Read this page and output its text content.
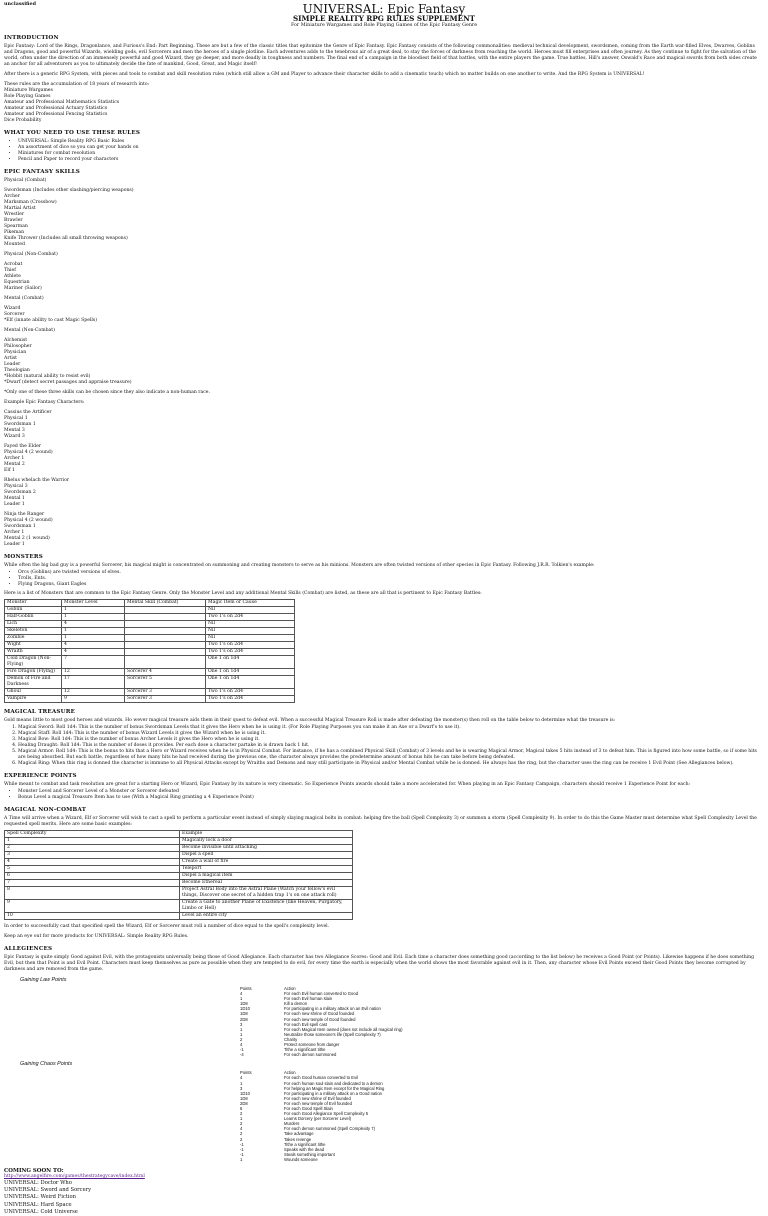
unclassified	UNIVERSAL: Epic Fantasy
SIMPLE REALITY RPG RULES SUPPLEMENT
For Miniature Wargames and Role Playing Games of the Epic Fantasy Genre
INTRODUCTION

Epic Fantasy: Lord of the Rings, Dragonlance, and Furious's End: Part Beginning. These are but a few of the classic titles that epitomize the Genre of Epic Fantasy. Epic Fantasy consists of the following commonalities: medieval technical development, swordsmen, coming from the Earth war-filled Elves, Dwarves, Goblins and Dragons, good and powerful Wizards, wielding gods, evil Sorcerers and men the heroes of a single plotline. Each adventures adds to the tenebrous air of a great deal, to stay the forces of darkness from reaching the world. Heroes must fill enterprises and often journey. As they continue to fight for the salvation of the world, often under the direction of an immensely powerful and good Wizard, they go deeper, and more deadly in toughness and numbers. The final end of a campaign in the bloodiest field of that battles, with the entire players the game. True battles, Hill's answer, Oswald's Race and magical swords from both sides create an anchor for all adventurers as you to ultimately decide the fate of mankind, Good, Great, and Magic itself!

After there is a generic RPG System, with pieces and tools to combat and skill resolution rules (which still allow a GM and Player to advance their character skills to add a cinematic touch) which no matter builds on one another to write. And the RPG System is UNIVERSAL!

These rules are the accumulation of 18 years of research into:
Miniature Wargames
Role Playing Games
Amateur and Professional Mathematics Statistics
Amateur and Professional Actuary Statistics
Amateur and Professional Fencing Statistics
Dice Probability
WHAT YOU NEED TO USE THESE RULES
• UNIVERSAL: Simple Reality RPG Basic Rules
• An assortment of dice so you can get your hands on
• Miniatures for combat resolution
• Pencil and Paper to record your characters
EPIC FANTASY SKILLS

Physical (Combat)

Swordsman (Includes other slashing/piercing weapons)
Archer
Marksman (Crossbow)
Martial Artist
Wrestler
Brawler
Spearman
Pikeman
Knife Thrower (Includes all small throwing weapons)
Mounted

Physical (Non-Combat)

Acrobat
Thief
Athlete
Equestrian
Mariner (Sailor)

Mental (Combat)

Wizard
Sorcerer
*Elf (innate ability to cast Magic Spells)

Mental (Non-Combat)

Alchemist
Philosopher
Physician
Artist
Leader
Theologian
*Hobbit (natural ability to resist evil)
*Dwarf (detect secret passages and appraise treasure)

*Only one of these three skills can be chosen since they also indicate a non-human race.

Example Epic Fantasy Characters:

Cassius the Artificer
Physical 1
Swordsman 1
Mental 3
Wizard 3
Fayed the Elder
Physical 4 (2 wound)
Archer 1
Mental 2
Elf 1
Rhelus whelach the Warrior
Physical 3
Swordsman 2
Mental 1
Leader 1
Ninja the Ranger
Physical 4 (2 wound)
Swordsman 1
Archer 1
Mental 2 (1 wound)
Leader 1
MONSTERS

While often the big bad guy is a powerful Sorcerer, his magical might is concentrated on summoning and creating monsters to serve as his minions. Monsters are often twisted versions of other species in Epic Fantasy. Following J.R.R. Tolkien's example:

• Orcs (Goblins) are twisted versions of elves.
• Trolls, Ents.
• Flying Dragons, Giant Eagles

Here is a list of Monsters that are common to the Epic Fantasy Genre. Only the Monster Level and any additional Mental Skills (Combat) are listed, as these are all that is pertinent to Epic Fantasy Battles:

Monster	Monster Level	Mental Skill (Combat)	Magic Item or Cause
Goblin	1		Nil
Half-Goblin	1		Two 1's on 2d4
Lich	4		Nil
Skeleton	1		Nil
Zombie	1		Nil
Wight	4		Two 1's on 2d4
Wraith	4		Two 1's on 2d4
Cold Dragon (Non-Flying)	7		One 1 on 1d4
Fire Dragon (Flying)	12	Sorcerer 4	One 1 on 1d4
Demon of Fire and Darkness	17	Sorcerer 5	One 1 on 1d4
Ghoul	12	Sorcerer 3	Two 1's on 2d4
Vampire	9	Sorcerer 3	Two 1's on 2d4
MAGICAL TREASURE

Gold means little to most good heroes and wizards. Ho wever magical treasure aids them in their quest to defeat evil. When a successful Magical Treasure Roll is made after defeating the monster(s) then roll on the table below to determine what the treasure is:

1. Magical Sword: Roll 1d4: This is the number of bonus Swordsman Levels that it gives the Hero when he is using it. (For Role Playing Purposes you can make it an Axe or a Dwarf's to use it).
2. Magical Staff: Roll 1d4: This is the number of bonus Wizard Levels it gives the Wizard when he is using it.
3. Magical Bow: Roll 1d4: This is the number of bonus Archer Levels it gives the Hero when he is using it.
4. Healing Draught: Roll 1d4: This is the number of doses it provides. Per each dose a character partake in is drawn back 1 hit.
5. Magical Armor: Roll 1d4: This is the bonus to hits that a Hero or Wizard receives when he is in Physical Combat. For instance, if he has a combined Physical Skill (Combat) of 3 levels and he is wearing Magical Armor, Magical takes 5 hits instead of 3 to defeat him. This is figured into how some battle, so if some hits are being absorbed. But each battle, regardless of how many hits he had received during the previous one, the character always provides the predetermine amount of bonus hits he can take before being defeated.
6. Magical Ring: When this ring is donned the character is immune to all Physical Attacks except by Wraiths and Demons and may still participate in Physical and/or Mental Combat while he is donned. He always has the ring, but the character uses the ring can be receive 1 Evil Point (See Allegiances below).
EXPERIENCE POINTS

While meant to combat and task resolution are great for a starting Hero or Wizard, Epic Fantasy by its nature is very cinematic. So Experience Points awards should take a more accelerated for. When playing in an Epic Fantasy Campaign, characters should receive 1 Experience Point for each:

• Monster Level and Sorcerer Level of a Monster or Sorcerer defeated
• Bonus Level a magical Treasure Item has to use (With a Magical Ring granting a 4 Experience Point)
MAGICAL NON-COMBAT

A Time will arrive when a Wizard, Elf or Sorcerer will wish to cast a spell to perform a particular event instead of simply slaying magical bolts in combat: helping fire the ball (Spell Complexity 3) or summon a storm (Spell Complexity 9). In order to do this the Game Master must determine what Spell Complexity Level the requested spell merits. Here are some basic examples:

Spell Complexity	Example
1	Magically lock a door
2	Become invisible until attacking
3	Dispel a spell
4	Create a wall of fire
5	Teleport
6	Dispel a magical item
7	Become Ethereal
8	Project Astral Body into the Astral Plane (Watch your fellow's evil things, Discover one secret of a hidden trap 1's on one attack roll)
9	Create a Gate to another Plane of Existence (like Heaven, Purgatory, Limbo or Hell)
10	Level an entire city

In order to successfully cast that specified spell the Wizard, Elf or Sorcerer must roll a number of dice equal to the spell's complexity level.

Keep an eye out for more products for UNIVERSAL: Simple Reality RPG Rules.

ALLEGIENCES

Epic Fantasy is quite simply Good against Evil, with the protagonists universally being those of Good Allegiance. Each character has two Allegiance Scores: Good and Evil. Each time a character does something good (according to the list below) he receives a Good Point (or Points). Likewise happens if he does something Evil, but then that Point is and Evil Point. Characters must keep themselves as pure as possible when they are tempted to do evil, for every time the earth is especially when the world shows the most favorable against evil in it. Then, any character whose Evil Points exceed their Good Points they become corrupted by darkness and are removed from the game.

Gaining Law Points
Points	Action
4	For each Evil human converted to Good
1	For each Evil human slain
1D8	Kill a demon
1D10	For participating in a military attack on an Evil nation
1D8	For each new shrine of Good founded
2D8	For each new temple of Good founded
3	For each Evil spell cast
1	For each Magical Item owned (does not include all magical ring)
1	Neutralize those someone's life (Spell Complexity 7)
2	Charity
4	Protect someone from danger
-1	Tithe a significant tithe
-4	For each demon summoned
Gaining Chaos Points
Points	Action
4	For each Good human converted to Evil
1	For each human soul slain and dedicated to a demon
3	For helping an Magic Item except for the Magical Ring
1D10	For participating in a military attack on a Good nation
1D8	For each new shrine of Evil founded
2D8	For each new temple of Evil founded
6	For each Good Spell Slain
2	For each Good Allegiance Spell Complexity 5
1	Learns Dorcery (per Sorcerer Level)
2	Murders
4	For each demon summoned (Spell Complexity 7)
2	Take advantage
2	Takes revenge
-1	Tithe a significant tithe
-1	Speaks with the dead
-1	Steals something important
1	Wounds someone
COMING SOON TO:
http://www.angelfire.com/games/thestrategycave/index.html
UNIVERSAL: Doctor Who
UNIVERSAL: Sword and Sorcery
UNIVERSAL: Weird Fiction
UNIVERSAL: Hard Space
UNIVERSAL: Cold Universe
